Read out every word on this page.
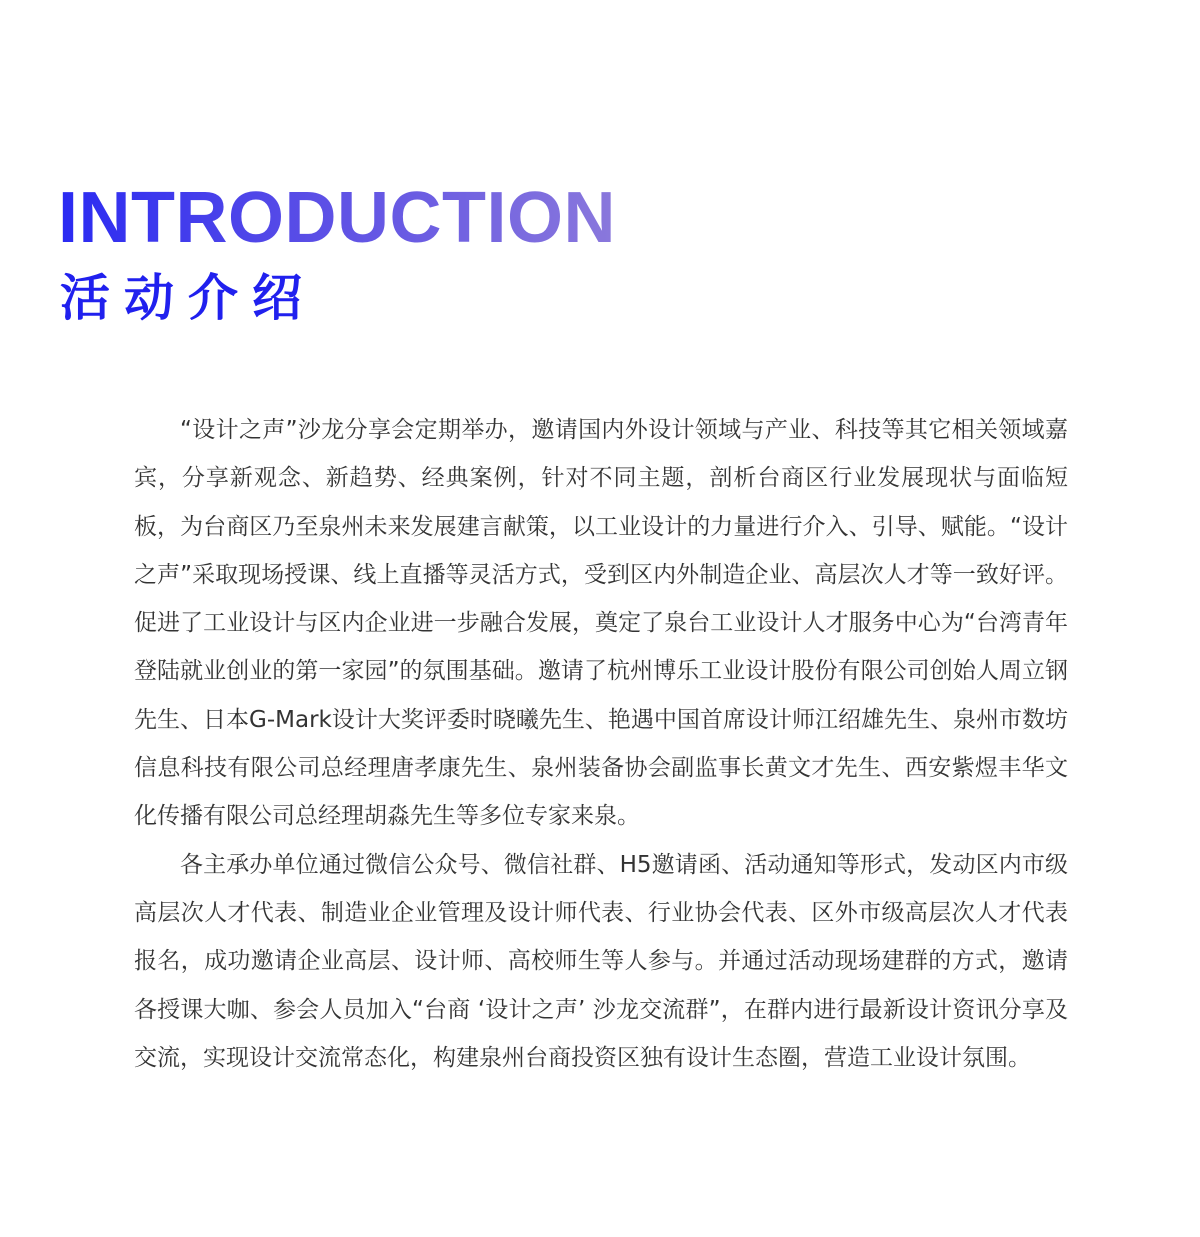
INTRODUCTION
活动介绍

“设计之声”沙龙分享会定期举办，邀请国内外设计领域与产业、科技等其它相关领域嘉宾，分享新观念、新趋势、经典案例，针对不同主题，剖析台商区行业发展现状与面临短板，为台商区乃至泉州未来发展建言献策，以工业设计的力量进行介入、引导、赋能。“设计之声”采取现场授课、线上直播等灵活方式，受到区内外制造企业、高层次人才等一致好评。促进了工业设计与区内企业进一步融合发展，奠定了泉台工业设计人才服务中心为“台湾青年登陆就业创业的第一家园”的氛围基础。邀请了杭州博乐工业设计股份有限公司创始人周立钢先生、日本G-Mark设计大奖评委时晓曦先生、艳遇中国首席设计师江绍雄先生、泉州市数坊信息科技有限公司总经理唐孝康先生、泉州装备协会副监事长黄文才先生、西安紫煜丰华文化传播有限公司总经理胡淼先生等多位专家来泉。

各主承办单位通过微信公众号、微信社群、H5邀请函、活动通知等形式，发动区内市级高层次人才代表、制造业企业管理及设计师代表、行业协会代表、区外市级高层次人才代表报名，成功邀请企业高层、设计师、高校师生等人参与。并通过活动现场建群的方式，邀请各授课大咖、参会人员加入“台商 ‘设计之声’ 沙龙交流群”，在群内进行最新设计资讯分享及交流，实现设计交流常态化，构建泉州台商投资区独有设计生态圈，营造工业设计氛围。
